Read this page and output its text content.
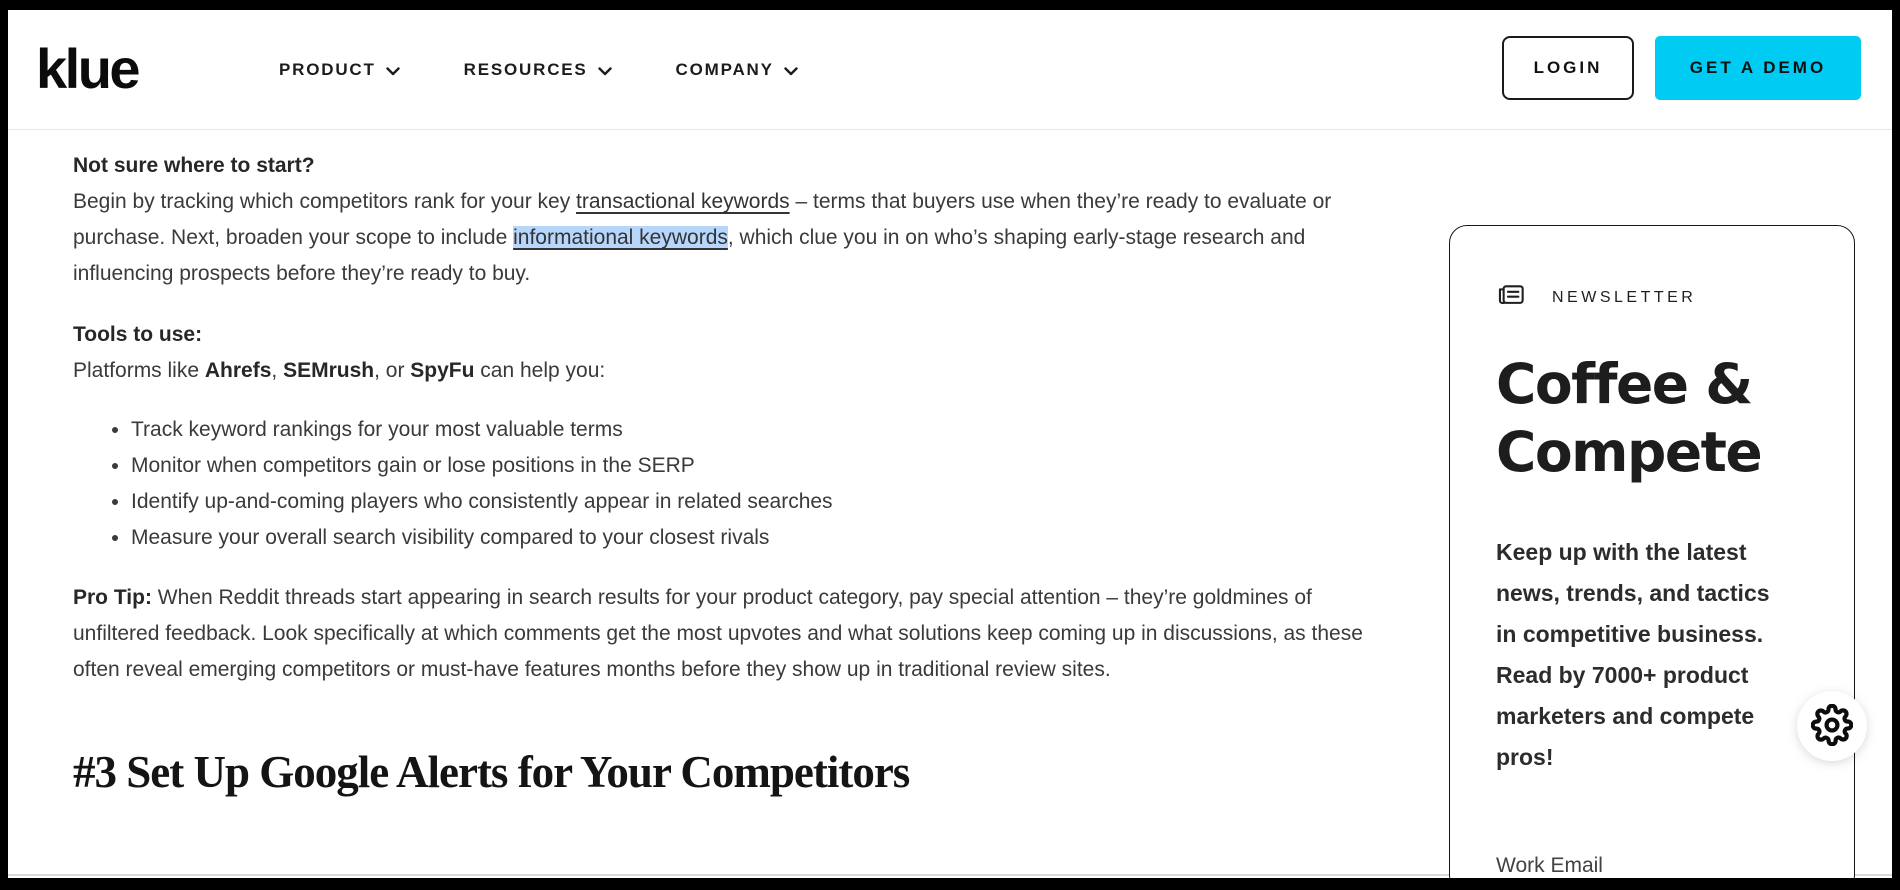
klue	PRODUCT	RESOURCES	COMPANY	LOGIN	GET A DEMO

Not sure where to start?
Begin by tracking which competitors rank for your key transactional keywords – terms that buyers use when they’re ready to evaluate or purchase. Next, broaden your scope to include informational keywords, which clue you in on who’s shaping early-stage research and influencing prospects before they’re ready to buy.

Tools to use:
Platforms like Ahrefs, SEMrush, or SpyFu can help you:

• Track keyword rankings for your most valuable terms
• Monitor when competitors gain or lose positions in the SERP
• Identify up-and-coming players who consistently appear in related searches
• Measure your overall search visibility compared to your closest rivals

Pro Tip: When Reddit threads start appearing in search results for your product category, pay special attention – they’re goldmines of unfiltered feedback. Look specifically at which comments get the most upvotes and what solutions keep coming up in discussions, as these often reveal emerging competitors or must-have features months before they show up in traditional review sites.

#3 Set Up Google Alerts for Your Competitors
NEWSLETTER
Coffee &
Compete
Keep up with the latest
news, trends, and tactics
in competitive business.
Read by 7000+ product
marketers and compete
pros!
Work Email
